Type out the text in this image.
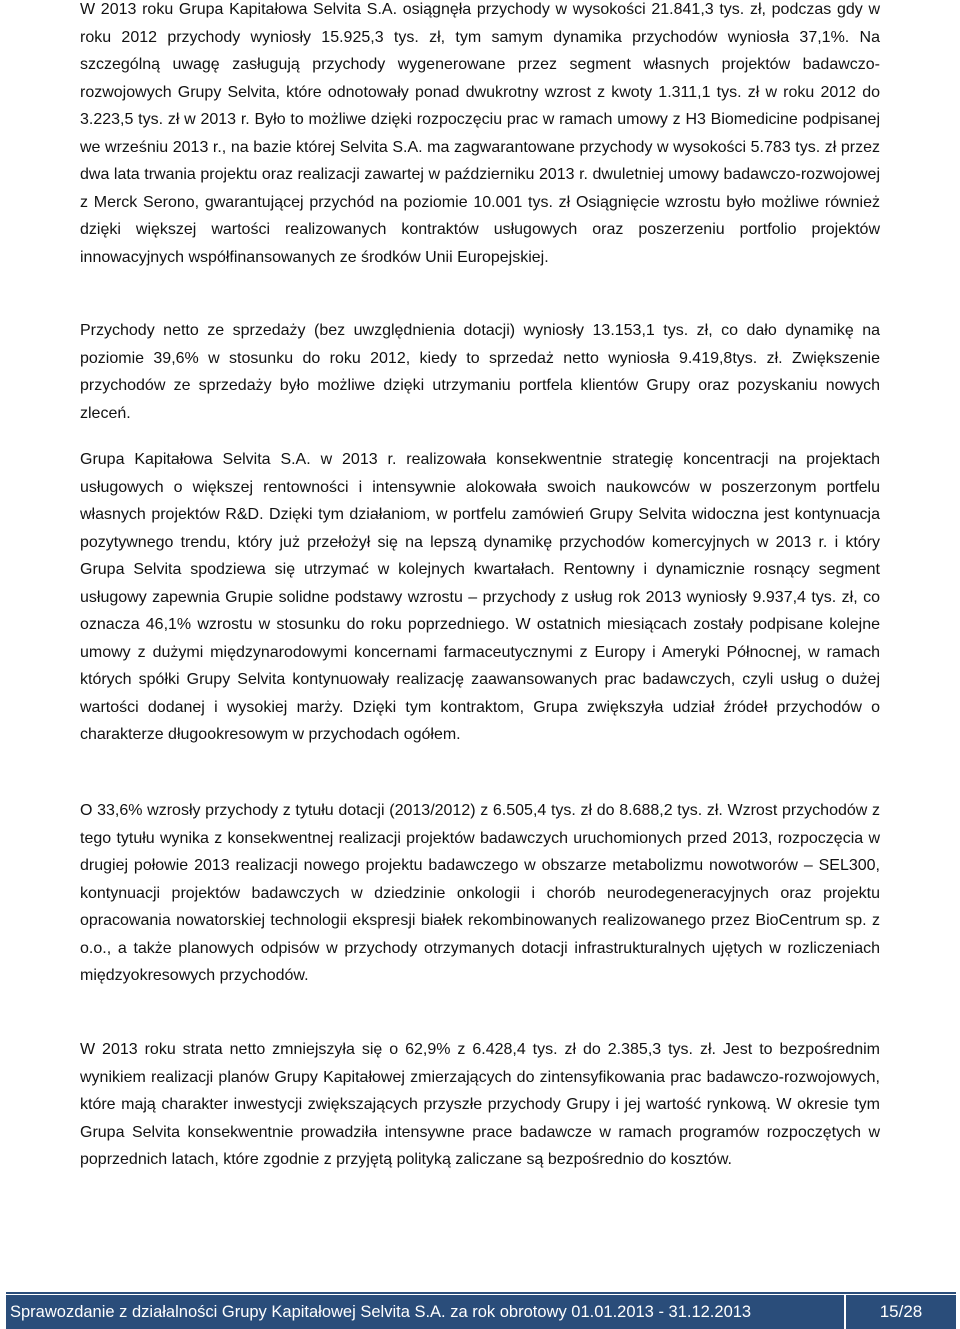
W 2013 roku Grupa Kapitałowa Selvita S.A. osiągnęła przychody w wysokości 21.841,3 tys. zł, podczas gdy w roku 2012 przychody wyniosły 15.925,3 tys. zł, tym samym dynamika przychodów wyniosła 37,1%. Na szczególną uwagę zasługują przychody wygenerowane przez segment własnych projektów badawczo-rozwojowych Grupy Selvita, które odnotowały ponad dwukrotny wzrost z kwoty 1.311,1 tys. zł w roku 2012 do 3.223,5 tys. zł w 2013 r. Było to możliwe dzięki rozpoczęciu prac w ramach umowy z H3 Biomedicine podpisanej we wrześniu 2013 r., na bazie której Selvita S.A. ma zagwarantowane przychody w wysokości 5.783 tys. zł przez dwa lata trwania projektu oraz realizacji zawartej w październiku 2013 r. dwuletniej umowy badawczo-rozwojowej z Merck Serono, gwarantującej przychód na poziomie 10.001 tys. zł Osiągnięcie wzrostu było możliwe również dzięki większej wartości realizowanych kontraktów usługowych oraz poszerzeniu portfolio projektów innowacyjnych współfinansowanych ze środków Unii Europejskiej.

Przychody netto ze sprzedaży (bez uwzględnienia dotacji) wyniosły 13.153,1 tys. zł, co dało dynamikę na poziomie 39,6% w stosunku do roku 2012, kiedy to sprzedaż netto wyniosła 9.419,8tys. zł. Zwiększenie przychodów ze sprzedaży było możliwe dzięki utrzymaniu portfela klientów Grupy oraz pozyskaniu nowych zleceń.

Grupa Kapitałowa Selvita S.A. w 2013 r. realizowała konsekwentnie strategię koncentracji na projektach usługowych o większej rentowności i intensywnie alokowała swoich naukowców w poszerzonym portfelu własnych projektów R&D. Dzięki tym działaniom, w portfelu zamówień Grupy Selvita widoczna jest kontynuacja pozytywnego trendu, który już przełożył się na lepszą dynamikę przychodów komercyjnych w 2013 r. i który Grupa Selvita spodziewa się utrzymać w kolejnych kwartałach. Rentowny i dynamicznie rosnący segment usługowy zapewnia Grupie solidne podstawy wzrostu – przychody z usług rok 2013 wyniosły 9.937,4 tys. zł, co oznacza 46,1% wzrostu w stosunku do roku poprzedniego. W ostatnich miesiącach zostały podpisane kolejne umowy z dużymi międzynarodowymi koncernami farmaceutycznymi z Europy i Ameryki Północnej, w ramach których spółki Grupy Selvita kontynuowały realizację zaawansowanych prac badawczych, czyli usług o dużej wartości dodanej i wysokiej marży. Dzięki tym kontraktom, Grupa zwiększyła udział źródeł przychodów o charakterze długookresowym w przychodach ogółem.

O 33,6% wzrosły przychody z tytułu dotacji (2013/2012) z 6.505,4 tys. zł do 8.688,2 tys. zł. Wzrost przychodów z tego tytułu wynika z konsekwentnej realizacji projektów badawczych uruchomionych przed 2013, rozpoczęcia w drugiej połowie 2013 realizacji nowego projektu badawczego w obszarze metabolizmu nowotworów – SEL300, kontynuacji projektów badawczych w dziedzinie onkologii i chorób neurodegeneracyjnych oraz projektu opracowania nowatorskiej technologii ekspresji białek rekombinowanych realizowanego przez BioCentrum sp. z o.o., a także planowych odpisów w przychody otrzymanych dotacji infrastrukturalnych ujętych w rozliczeniach międzyokresowych przychodów.

W 2013 roku strata netto zmniejszyła się o 62,9% z 6.428,4 tys. zł do 2.385,3 tys. zł. Jest to bezpośrednim wynikiem realizacji planów Grupy Kapitałowej zmierzających do zintensyfikowania prac badawczo-rozwojowych, które mają charakter inwestycji zwiększających przyszłe przychody Grupy i jej wartość rynkową. W okresie tym Grupa Selvita konsekwentnie prowadziła intensywne prace badawcze w ramach programów rozpoczętych w poprzednich latach, które zgodnie z przyjętą polityką zaliczane są bezpośrednio do kosztów.

Sprawozdanie z działalności Grupy Kapitałowej Selvita S.A. za rok obrotowy 01.01.2013 - 31.12.2013	15/28
